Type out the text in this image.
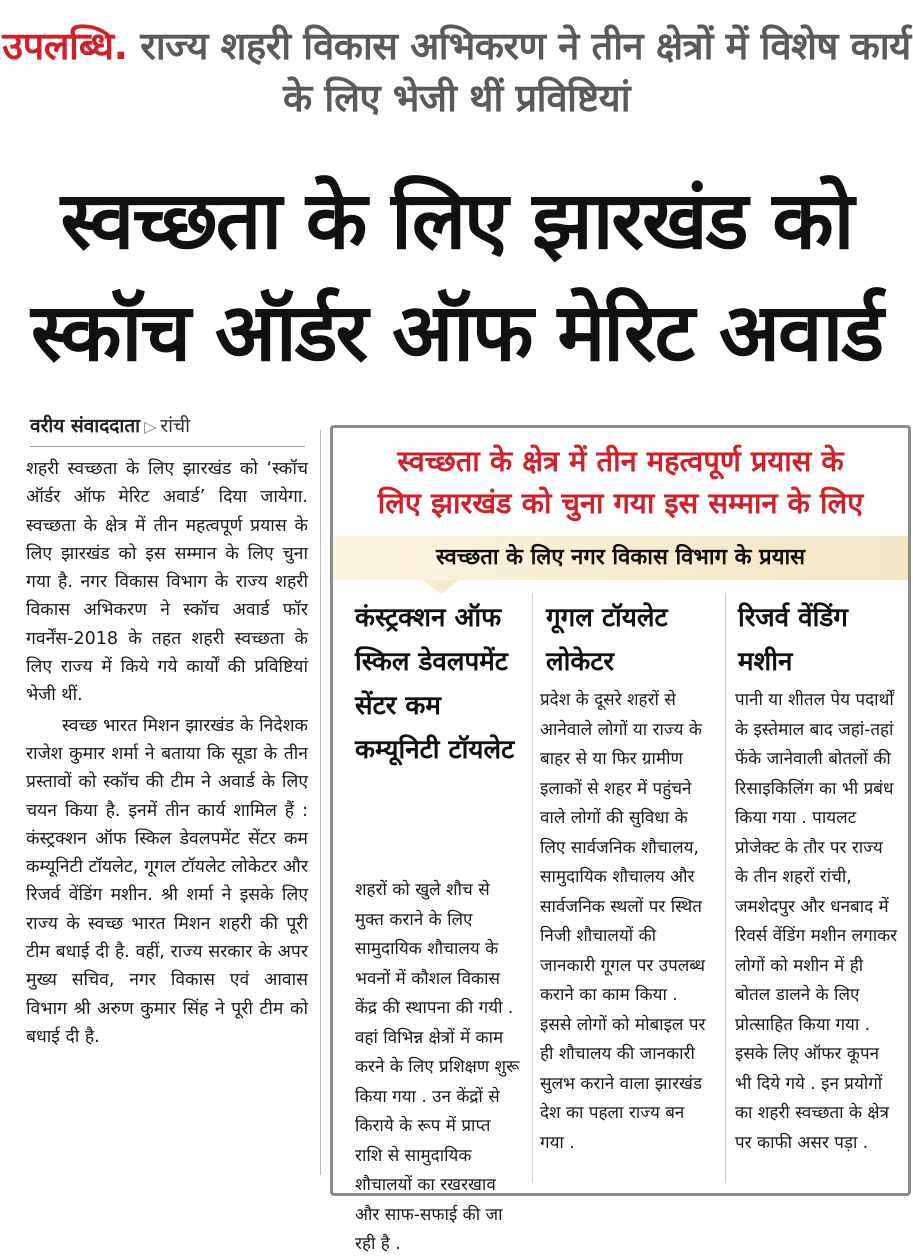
उपलब्धि. राज्य शहरी विकास अभिकरण ने तीन क्षेत्रों में विशेष कार्य के लिए भेजी थीं प्रविष्टियां
स्वच्छता के लिए झारखंड को
स्कॉच ऑर्डर ऑफ मेरिट अवार्ड
वरीय संवाददाता ▷ रांची

शहरी स्वच्छता के लिए झारखंड को ‘स्कॉच ऑर्डर ऑफ मेरिट अवार्ड’ दिया जायेगा. स्वच्छता के क्षेत्र में तीन महत्वपूर्ण प्रयास के लिए झारखंड को इस सम्मान के लिए चुना गया है. नगर विकास विभाग के राज्य शहरी विकास अभिकरण ने स्कॉच अवार्ड फॉर गवर्नेंस-2018 के तहत शहरी स्वच्छता के लिए राज्य में किये गये कार्यों की प्रविष्टियां भेजी थीं.

स्वच्छ भारत मिशन झारखंड के निदेशक राजेश कुमार शर्मा ने बताया कि सूडा के तीन प्रस्तावों को स्कॉच की टीम ने अवार्ड के लिए चयन किया है. इनमें तीन कार्य शामिल हैं : कंस्ट्रक्शन ऑफ स्किल डेवलपमेंट सेंटर कम कम्यूनिटी टॉयलेट, गूगल टॉयलेट लोकेटर और रिजर्व वेंडिंग मशीन. श्री शर्मा ने इसके लिए राज्य के स्वच्छ भारत मिशन शहरी की पूरी टीम बधाई दी है. वहीं, राज्य सरकार के अपर मुख्य सचिव, नगर विकास एवं आवास विभाग श्री अरुण कुमार सिंह ने पूरी टीम को बधाई दी है.

स्वच्छता के क्षेत्र में तीन महत्वपूर्ण प्रयास के
लिए झारखंड को चुना गया इस सम्मान के लिए
स्वच्छता के लिए नगर विकास विभाग के प्रयास
कंस्ट्रक्शन ऑफ स्किल डेवलपमेंट सेंटर कम कम्यूनिटी टॉयलेट
शहरों को खुले शौच से मुक्त कराने के लिए सामुदायिक शौचालय के भवनों में कौशल विकास केंद्र की स्थापना की गयी . वहां विभिन्न क्षेत्रों में काम करने के लिए प्रशिक्षण शुरू किया गया . उन केंद्रों से किराये के रूप में प्राप्त राशि से सामुदायिक शौचालयों का रखरखाव और साफ-सफाई की जा रही है .
गूगल टॉयलेट लोकेटर
प्रदेश के दूसरे शहरों से आनेवाले लोगों या राज्य के बाहर से या फिर ग्रामीण इलाकों से शहर में पहुंचने वाले लोगों की सुविधा के लिए सार्वजनिक शौचालय, सामुदायिक शौचालय और सार्वजनिक स्थलों पर स्थित निजी शौचालयों की जानकारी गूगल पर उपलब्ध कराने का काम किया . इससे लोगों को मोबाइल पर ही शौचालय की जानकारी सुलभ कराने वाला झारखंड देश का पहला राज्य बन गया .
रिजर्व वेंडिंग मशीन
पानी या शीतल पेय पदार्थों के इस्तेमाल बाद जहां-तहां फेंके जानेवाली बोतलों की रिसाइकिलिंग का भी प्रबंध किया गया . पायलट प्रोजेक्ट के तौर पर राज्य के तीन शहरों रांची, जमशेदपुर और धनबाद में रिवर्स वेंडिंग मशीन लगाकर लोगों को मशीन में ही बोतल डालने के लिए प्रोत्साहित किया गया . इसके लिए ऑफर कूपन भी दिये गये . इन प्रयोगों का शहरी स्वच्छता के क्षेत्र पर काफी असर पड़ा .
